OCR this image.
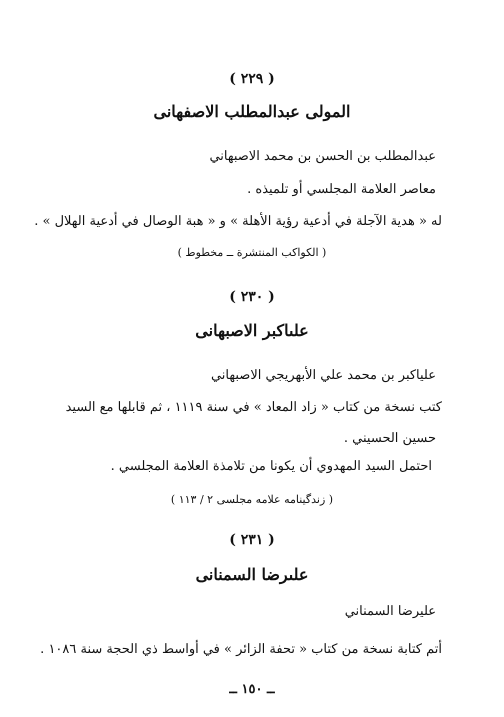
( ٢٢٩ )
المولى عبدالمطلب الاصفهانى
عبدالمطلب بن الحسن بن محمد الاصبهاني
معاصر العلامة المجلسي أو تلميذه .
له « هدية الآجلة في أدعية رؤية الأهلة » و « هبة الوصال في أدعية الهلال » .
( الكواكب المنتشرة ــ مخطوط )
( ٢٣٠ )
علىاكبر الاصبهانى
علياكبر بن محمد علي الأبهريجي الاصبهاني
كتب نسخة من كتاب « زاد المعاد » في سنة ١١١٩ ، ثم قابلها مع السيد
حسين الحسيني .
احتمل السيد المهدوي أن يكونا من تلامذة العلامة المجلسي .
( زندگينامه علامه مجلسى ٢ / ١١٣ )
( ٢٣١ )
علىرضا السمنانى
عليرضا السمناني
أتم كتابة نسخة من كتاب « تحفة الزائر » في أواسط ذي الحجة سنة ١٠٨٦ .
ــ ١٥٠ ــ
